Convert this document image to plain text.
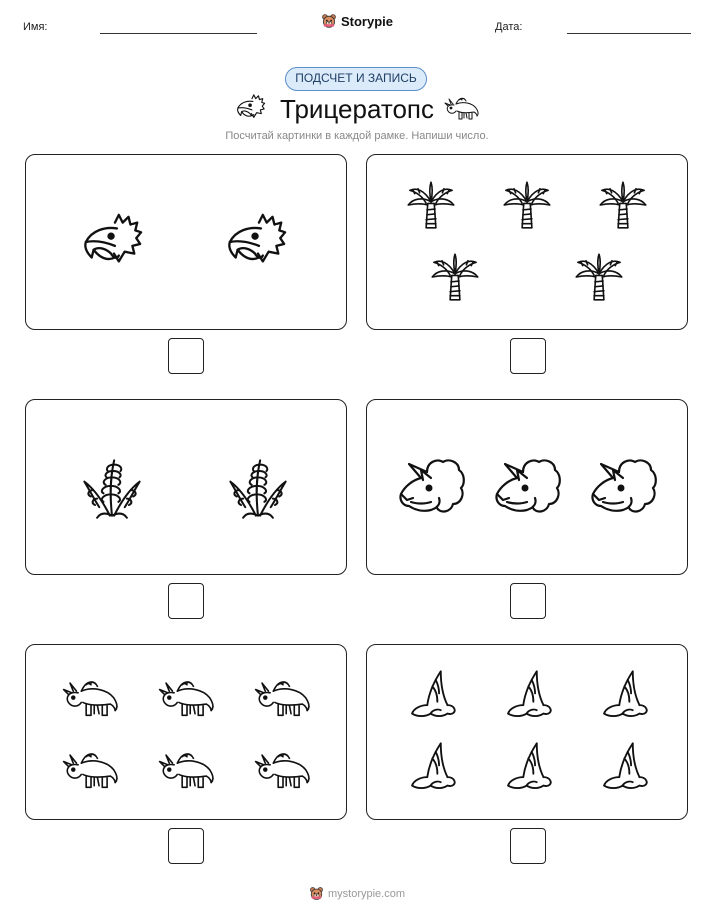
Имя:	Storypie	Дата:
ПОДСЧЕТ И ЗАПИСЬ
Трицератопс
Посчитай картинки в каждой рамке. Напиши число.
mystorypie.com
